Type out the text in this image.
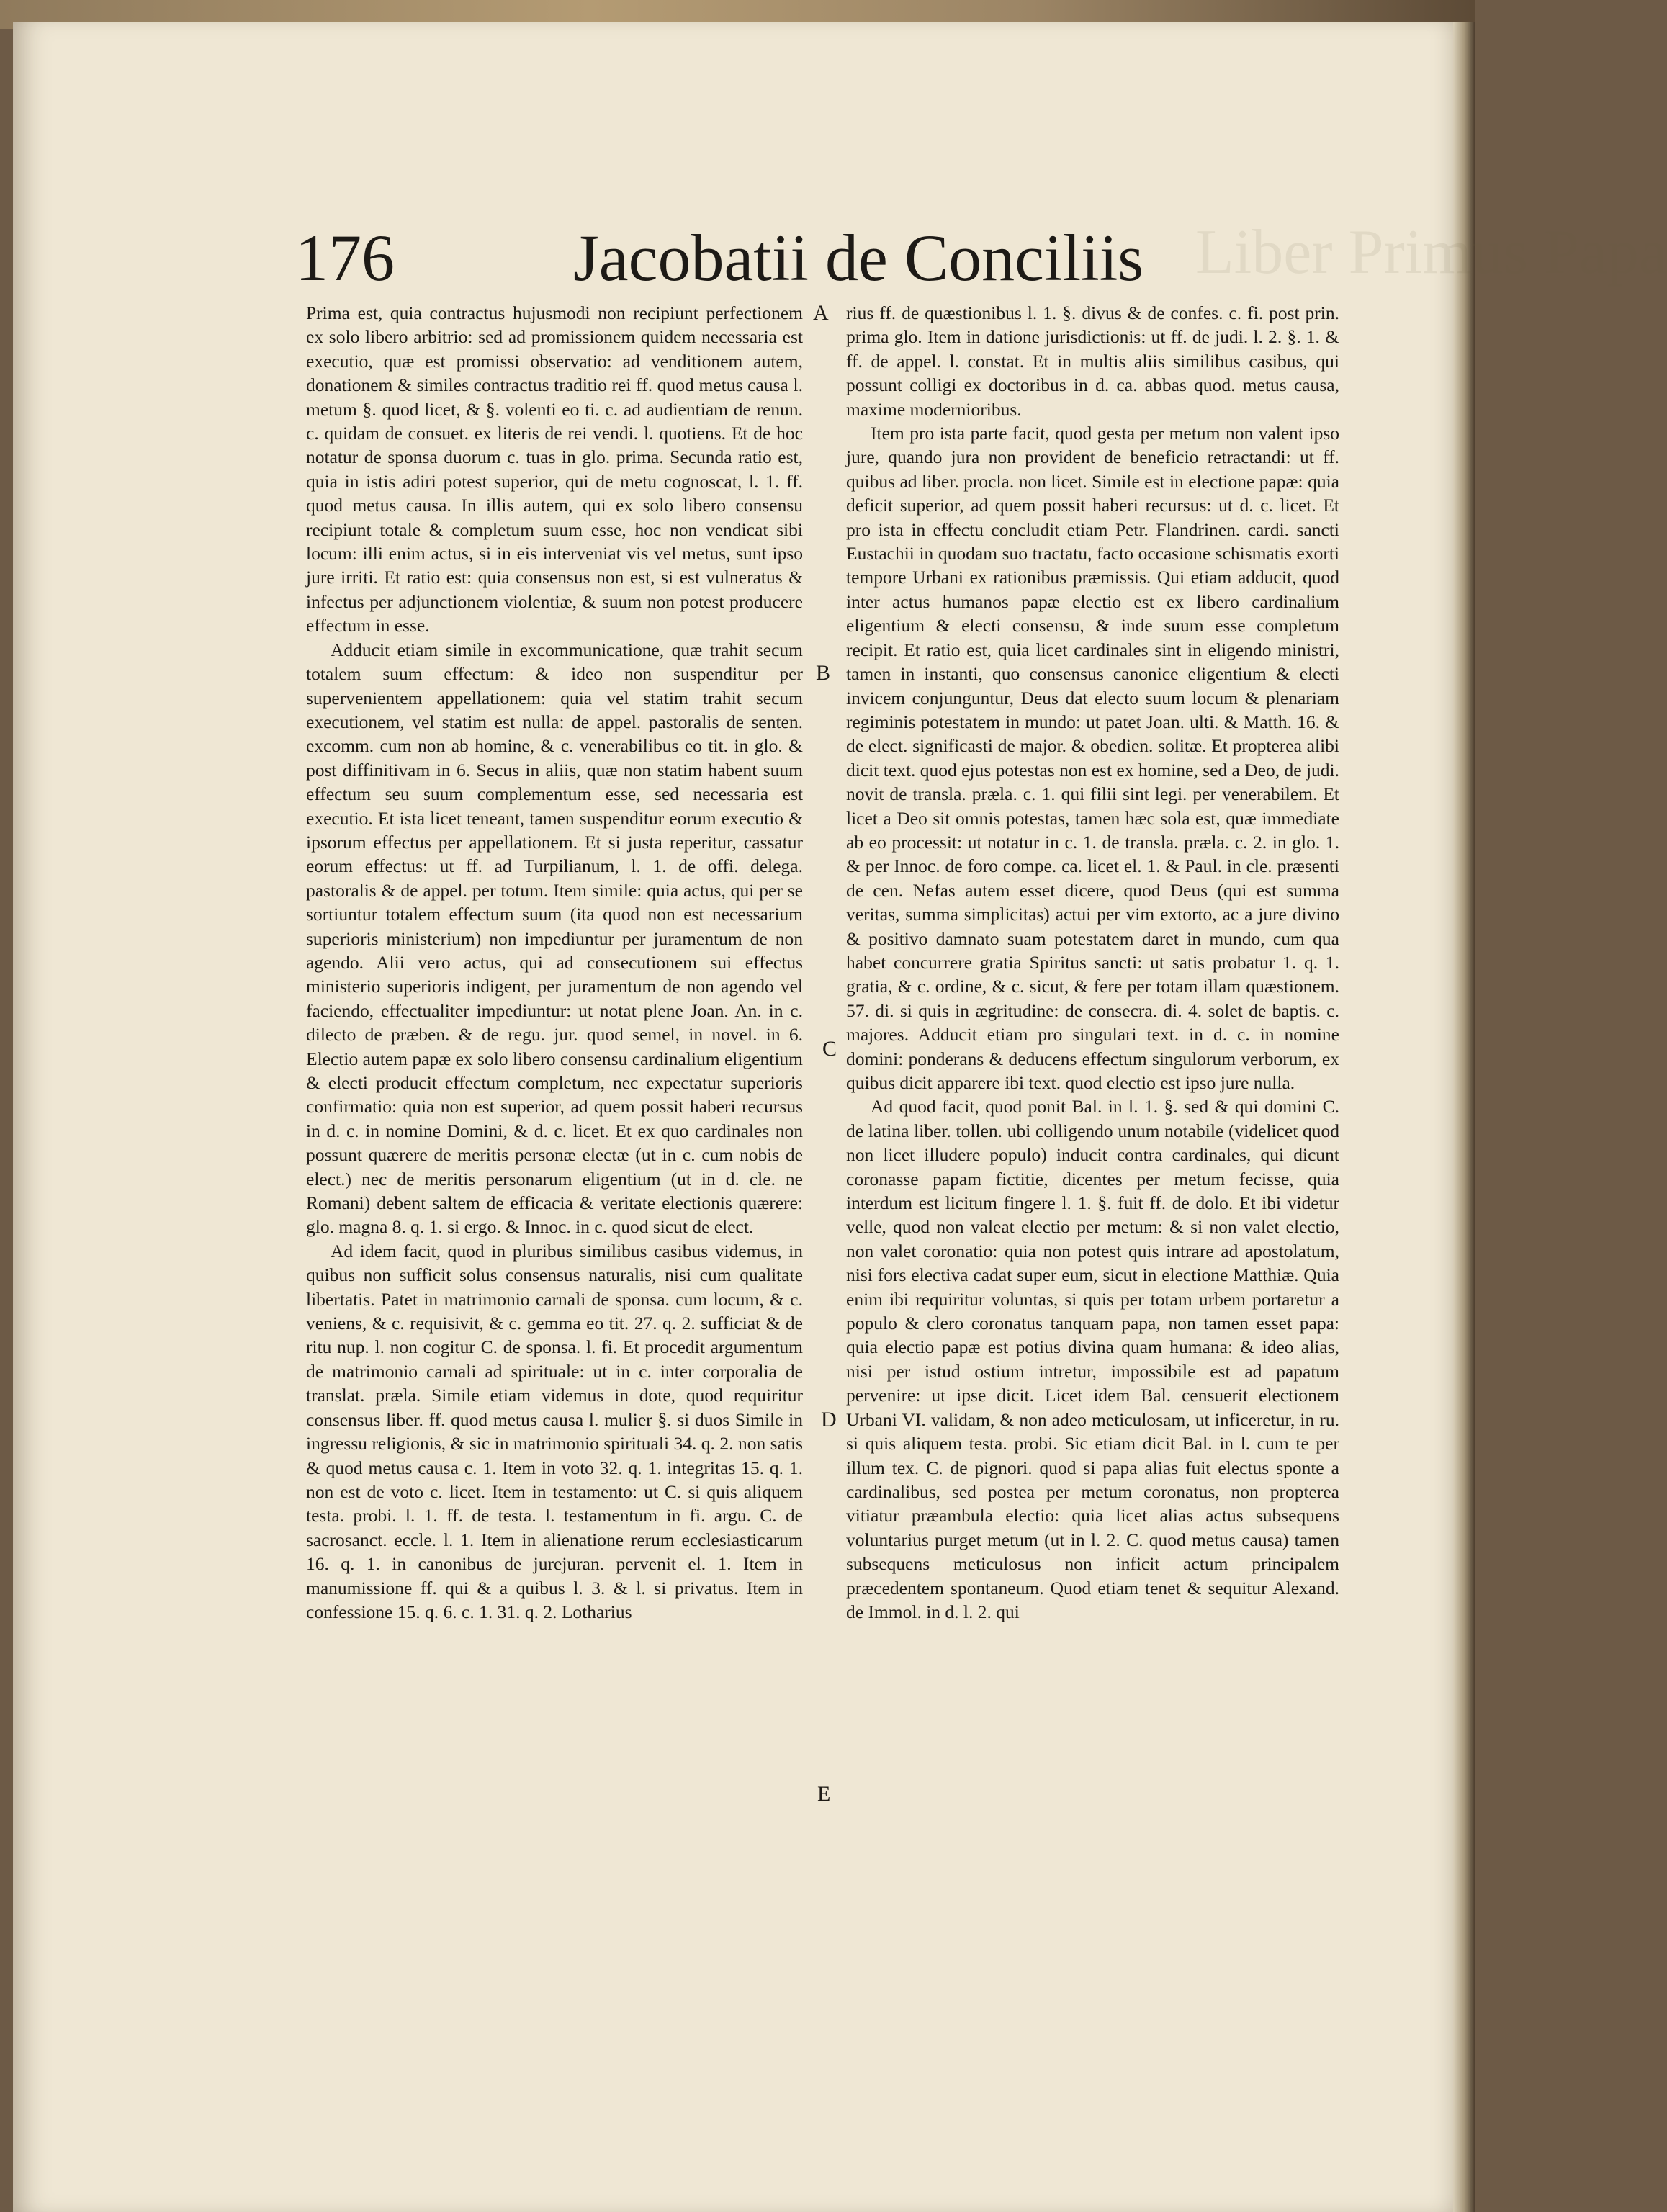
Liber Primus Papa
176	Jacobatii de Conciliis

Prima est, quia contractus hujusmodi non recipiunt perfectionem ex solo libero arbitrio: sed ad promissionem quidem necessaria est executio, quæ est promissi observatio: ad venditionem autem, donationem & similes contractus traditio rei ff. quod metus causa l. metum §. quod licet, & §. volenti eo ti. c. ad audientiam de renun. c. quidam de consuet. ex literis de rei vendi. l. quotiens. Et de hoc notatur de sponsa duorum c. tuas in glo. prima. Secunda ratio est, quia in istis adiri potest superior, qui de metu cognoscat, l. 1. ff. quod metus causa. In illis autem, qui ex solo libero consensu recipiunt totale & completum suum esse, hoc non vendicat sibi locum: illi enim actus, si in eis interveniat vis vel metus, sunt ipso jure irriti. Et ratio est: quia consensus non est, si est vulneratus & infectus per adjunctionem violentiæ, & suum non potest producere effectum in esse.

Adducit etiam simile in excommunicatione, quæ trahit secum totalem suum effectum: & ideo non suspenditur per supervenientem appellationem: quia vel statim trahit secum executionem, vel statim est nulla: de appel. pastoralis de senten. excomm. cum non ab homine, & c. venerabilibus eo tit. in glo. & post diffinitivam in 6. Secus in aliis, quæ non statim habent suum effectum seu suum complementum esse, sed necessaria est executio. Et ista licet teneant, tamen suspenditur eorum executio & ipsorum effectus per appellationem. Et si justa reperitur, cassatur eorum effectus: ut ff. ad Turpilianum, l. 1. de offi. delega. pastoralis & de appel. per totum. Item simile: quia actus, qui per se sortiuntur totalem effectum suum (ita quod non est necessarium superioris ministerium) non impediuntur per juramentum de non agendo. Alii vero actus, qui ad consecutionem sui effectus ministerio superioris indigent, per juramentum de non agendo vel faciendo, effectualiter impediuntur: ut notat plene Joan. An. in c. dilecto de præben. & de regu. jur. quod semel, in novel. in 6. Electio autem papæ ex solo libero consensu cardinalium eligentium & electi producit effectum completum, nec expectatur superioris confirmatio: quia non est superior, ad quem possit haberi recursus in d. c. in nomine Domini, & d. c. licet. Et ex quo cardinales non possunt quærere de meritis personæ electæ (ut in c. cum nobis de elect.) nec de meritis personarum eligentium (ut in d. cle. ne Romani) debent saltem de efficacia & veritate electionis quærere: glo. magna 8. q. 1. si ergo. & Innoc. in c. quod sicut de elect.

Ad idem facit, quod in pluribus similibus casibus videmus, in quibus non sufficit solus consensus naturalis, nisi cum qualitate libertatis. Patet in matrimonio carnali de sponsa. cum locum, & c. veniens, & c. requisivit, & c. gemma eo tit. 27. q. 2. sufficiat & de ritu nup. l. non cogitur C. de sponsa. l. fi. Et procedit argumentum de matrimonio carnali ad spirituale: ut in c. inter corporalia de translat. præla. Simile etiam videmus in dote, quod requiritur consensus liber. ff. quod metus causa l. mulier §. si duos Simile in ingressu religionis, & sic in matrimonio spirituali 34. q. 2. non satis & quod metus causa c. 1. Item in voto 32. q. 1. integritas 15. q. 1. non est de voto c. licet. Item in testamento: ut C. si quis aliquem testa. probi. l. 1. ff. de testa. l. testamentum in fi. argu. C. de sacrosanct. eccle. l. 1. Item in alienatione rerum ecclesiasticarum 16. q. 1. in canonibus de jurejuran. pervenit el. 1. Item in manumissione ff. qui & a quibus l. 3. & l. si privatus. Item in confessione 15. q. 6. c. 1. 31. q. 2. Lotharius

rius ff. de quæstionibus l. 1. §. divus & de confes. c. fi. post prin. prima glo. Item in datione jurisdictionis: ut ff. de judi. l. 2. §. 1. & ff. de appel. l. constat. Et in multis aliis similibus casibus, qui possunt colligi ex doctoribus in d. ca. abbas quod. metus causa, maxime modernioribus.

Item pro ista parte facit, quod gesta per metum non valent ipso jure, quando jura non provident de beneficio retractandi: ut ff. quibus ad liber. procla. non licet. Simile est in electione papæ: quia deficit superior, ad quem possit haberi recursus: ut d. c. licet. Et pro ista in effectu concludit etiam Petr. Flandrinen. cardi. sancti Eustachii in quodam suo tractatu, facto occasione schismatis exorti tempore Urbani ex rationibus præmissis. Qui etiam adducit, quod inter actus humanos papæ electio est ex libero cardinalium eligentium & electi consensu, & inde suum esse completum recipit. Et ratio est, quia licet cardinales sint in eligendo ministri, tamen in instanti, quo consensus canonice eligentium & electi invicem conjunguntur, Deus dat electo suum locum & plenariam regiminis potestatem in mundo: ut patet Joan. ulti. & Matth. 16. & de elect. significasti de major. & obedien. solitæ. Et propterea alibi dicit text. quod ejus potestas non est ex homine, sed a Deo, de judi. novit de transla. præla. c. 1. qui filii sint legi. per venerabilem. Et licet a Deo sit omnis potestas, tamen hæc sola est, quæ immediate ab eo processit: ut notatur in c. 1. de transla. præla. c. 2. in glo. 1. & per Innoc. de foro compe. ca. licet el. 1. & Paul. in cle. præsenti de cen. Nefas autem esset dicere, quod Deus (qui est summa veritas, summa simplicitas) actui per vim extorto, ac a jure divino & positivo damnato suam potestatem daret in mundo, cum qua habet concurrere gratia Spiritus sancti: ut satis probatur 1. q. 1. gratia, & c. ordine, & c. sicut, & fere per totam illam quæstionem. 57. di. si quis in ægritudine: de consecra. di. 4. solet de baptis. c. majores. Adducit etiam pro singulari text. in d. c. in nomine domini: ponderans & deducens effectum singulorum verborum, ex quibus dicit apparere ibi text. quod electio est ipso jure nulla.

Ad quod facit, quod ponit Bal. in l. 1. §. sed & qui domini C. de latina liber. tollen. ubi colligendo unum notabile (videlicet quod non licet illudere populo) inducit contra cardinales, qui dicunt coronasse papam fictitie, dicentes per metum fecisse, quia interdum est licitum fingere l. 1. §. fuit ff. de dolo. Et ibi videtur velle, quod non valeat electio per metum: & si non valet electio, non valet coronatio: quia non potest quis intrare ad apostolatum, nisi fors electiva cadat super eum, sicut in electione Matthiæ. Quia enim ibi requiritur voluntas, si quis per totam urbem portaretur a populo & clero coronatus tanquam papa, non tamen esset papa: quia electio papæ est potius divina quam humana: & ideo alias, nisi per istud ostium intretur, impossibile est ad papatum pervenire: ut ipse dicit. Licet idem Bal. censuerit electionem Urbani VI. validam, & non adeo meticulosam, ut inficeretur, in ru. si quis aliquem testa. probi. Sic etiam dicit Bal. in l. cum te per illum tex. C. de pignori. quod si papa alias fuit electus sponte a cardinalibus, sed postea per metum coronatus, non propterea vitiatur præambula electio: quia licet alias actus subsequens voluntarius purget metum (ut in l. 2. C. quod metus causa) tamen subsequens meticulosus non inficit actum principalem præcedentem spontaneum. Quod etiam tenet & sequitur Alexand. de Immol. in d. l. 2. qui

A
B
C
D
E
